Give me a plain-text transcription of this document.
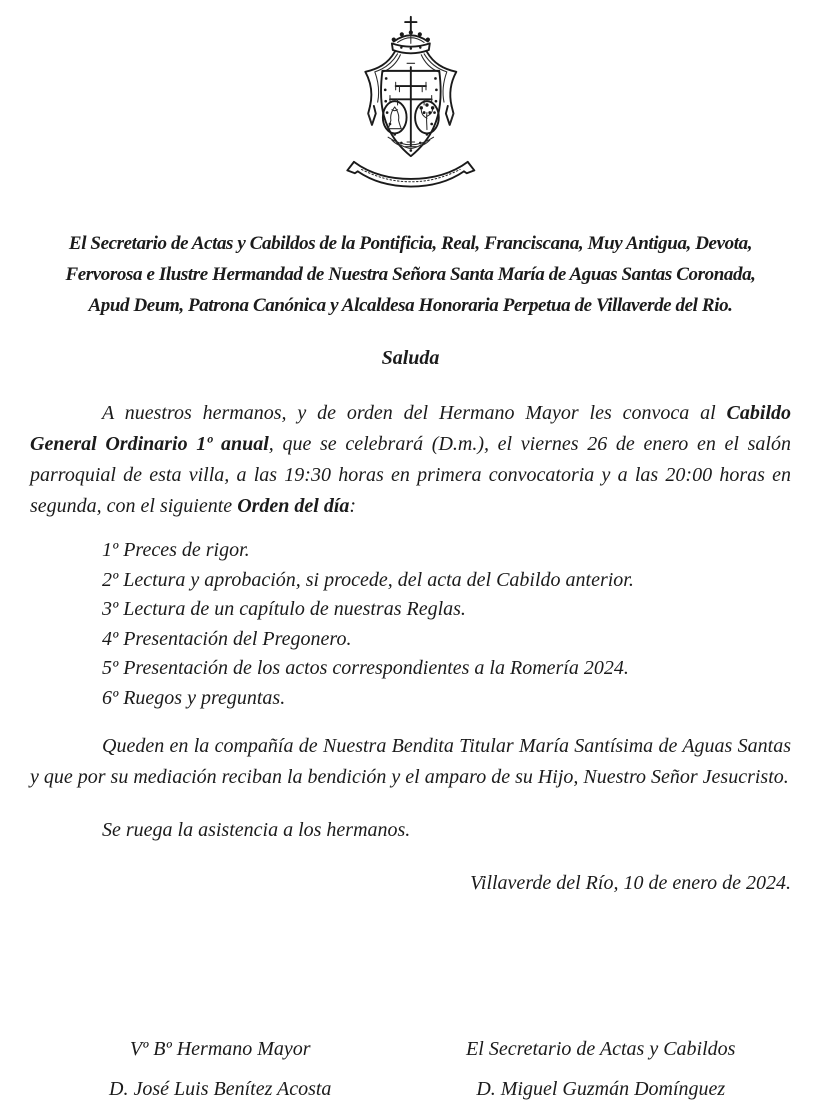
El Secretario de Actas y Cabildos de la Pontificia, Real, Franciscana, Muy Antigua, Devota,
Fervorosa e Ilustre Hermandad de Nuestra Señora Santa María de Aguas Santas Coronada,
Apud Deum, Patrona Canónica y Alcaldesa Honoraria Perpetua de Villaverde del Rio.
Saluda

A nuestros hermanos, y de orden del Hermano Mayor les convoca al Cabildo General Ordinario 1º anual, que se celebrará (D.m.), el viernes 26 de enero en el salón parroquial de esta villa, a las 19:30 horas en primera convocatoria y a las 20:00 horas en segunda, con el siguiente Orden del día:

1º Preces de rigor.
2º Lectura y aprobación, si procede, del acta del Cabildo anterior.
3º Lectura de un capítulo de nuestras Reglas.
4º Presentación del Pregonero.
5º Presentación de los actos correspondientes a la Romería 2024.
6º Ruegos y preguntas.

Queden en la compañía de Nuestra Bendita Titular María Santísima de Aguas Santas y que por su mediación reciban la bendición y el amparo de su Hijo, Nuestro Señor Jesucristo.

Se ruega la asistencia a los hermanos.

Villaverde del Río, 10 de enero de 2024.
Vº Bº Hermano Mayor
D. José Luis Benítez Acosta
El Secretario de Actas y Cabildos
D. Miguel Guzmán Domínguez
